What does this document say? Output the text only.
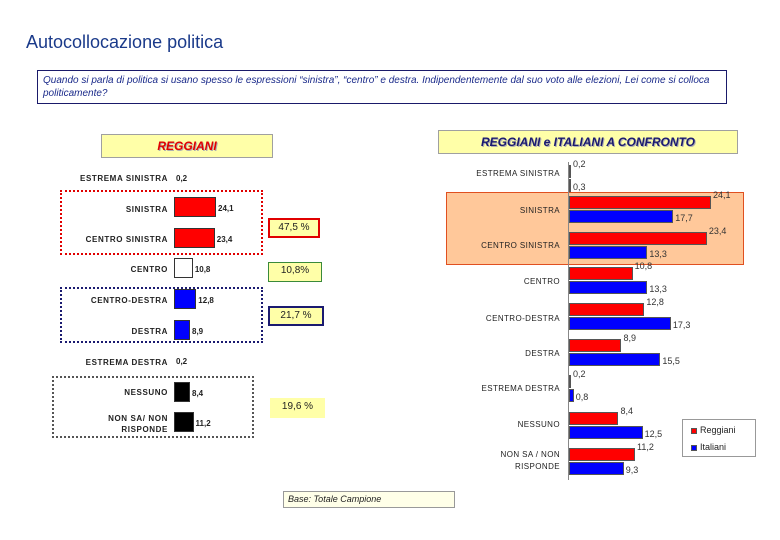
Autocollocazione politica
Quando si parla di politica si usano spesso le espressioni “sinistra”, “centro” e destra. Indipendentemente dal suo voto alle elezioni, Lei come si colloca politicamente?
REGGIANI	REGGIANI e ITALIANI A CONFRONTO
47,5 %
10,8%
21,7 %
19,6 %
ESTREMA SINISTRA
SINISTRA
CENTRO SINISTRA
CENTRO
CENTRO-DESTRA
DESTRA
ESTREMA DESTRA
NESSUNO
NON SA/ NON RISPONDE
0,2
24,1
23,4
10,8
12,8
8,9
0,2
8,4
11,2
ESTREMA SINISTRA
SINISTRA
CENTRO SINISTRA
CENTRO
CENTRO-DESTRA
DESTRA
ESTREMA DESTRA
NESSUNO
NON SA / NON RISPONDE
0,2
0,3
24,1
17,7
23,4
13,3
10,8
13,3
12,8
17,3
8,9
15,5
0,2
0,8
8,4
12,5
11,2
9,3
Reggiani
Italiani
Base: Totale Campione
